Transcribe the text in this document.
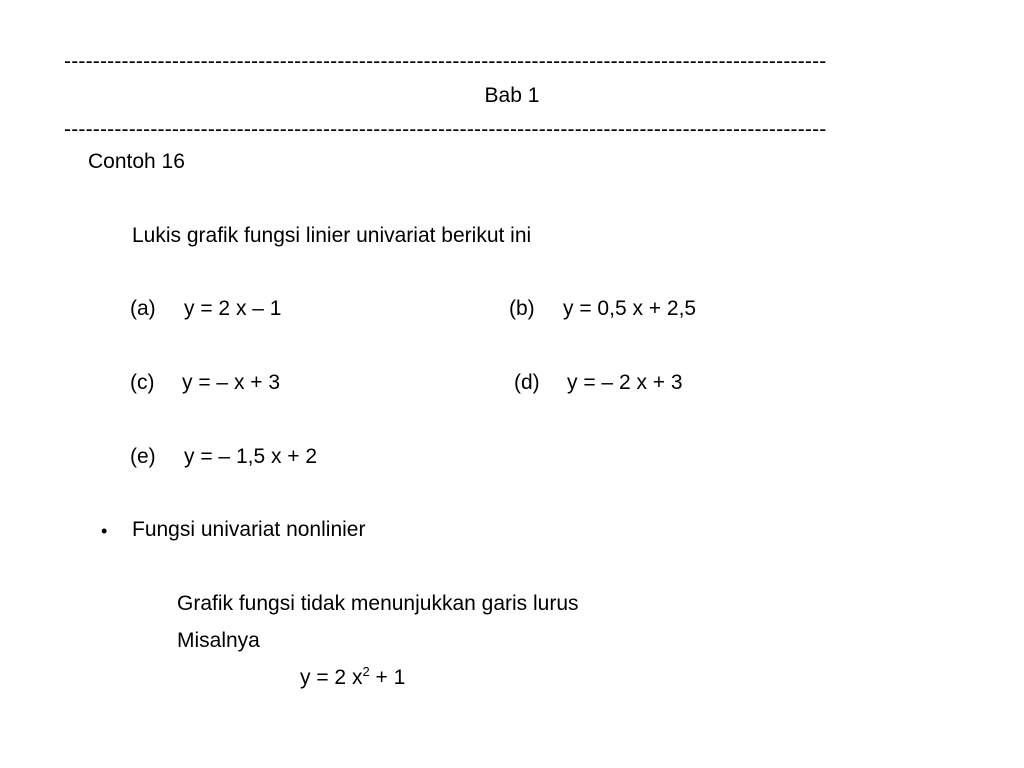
----------------------------------------------------------------------------------------------------------
Bab 1
----------------------------------------------------------------------------------------------------------
Contoh 16
Lukis grafik fungsi linier univariat berikut ini
(a) y = 2 x – 1	(b) y = 0,5 x + 2,5
(c) y = – x + 3	(d) y = – 2 x + 3
(e) y = – 1,5 x + 2
• Fungsi univariat nonlinier
Grafik fungsi tidak menunjukkan garis lurus
Misalnya
y = 2 $x^2 + 1$
